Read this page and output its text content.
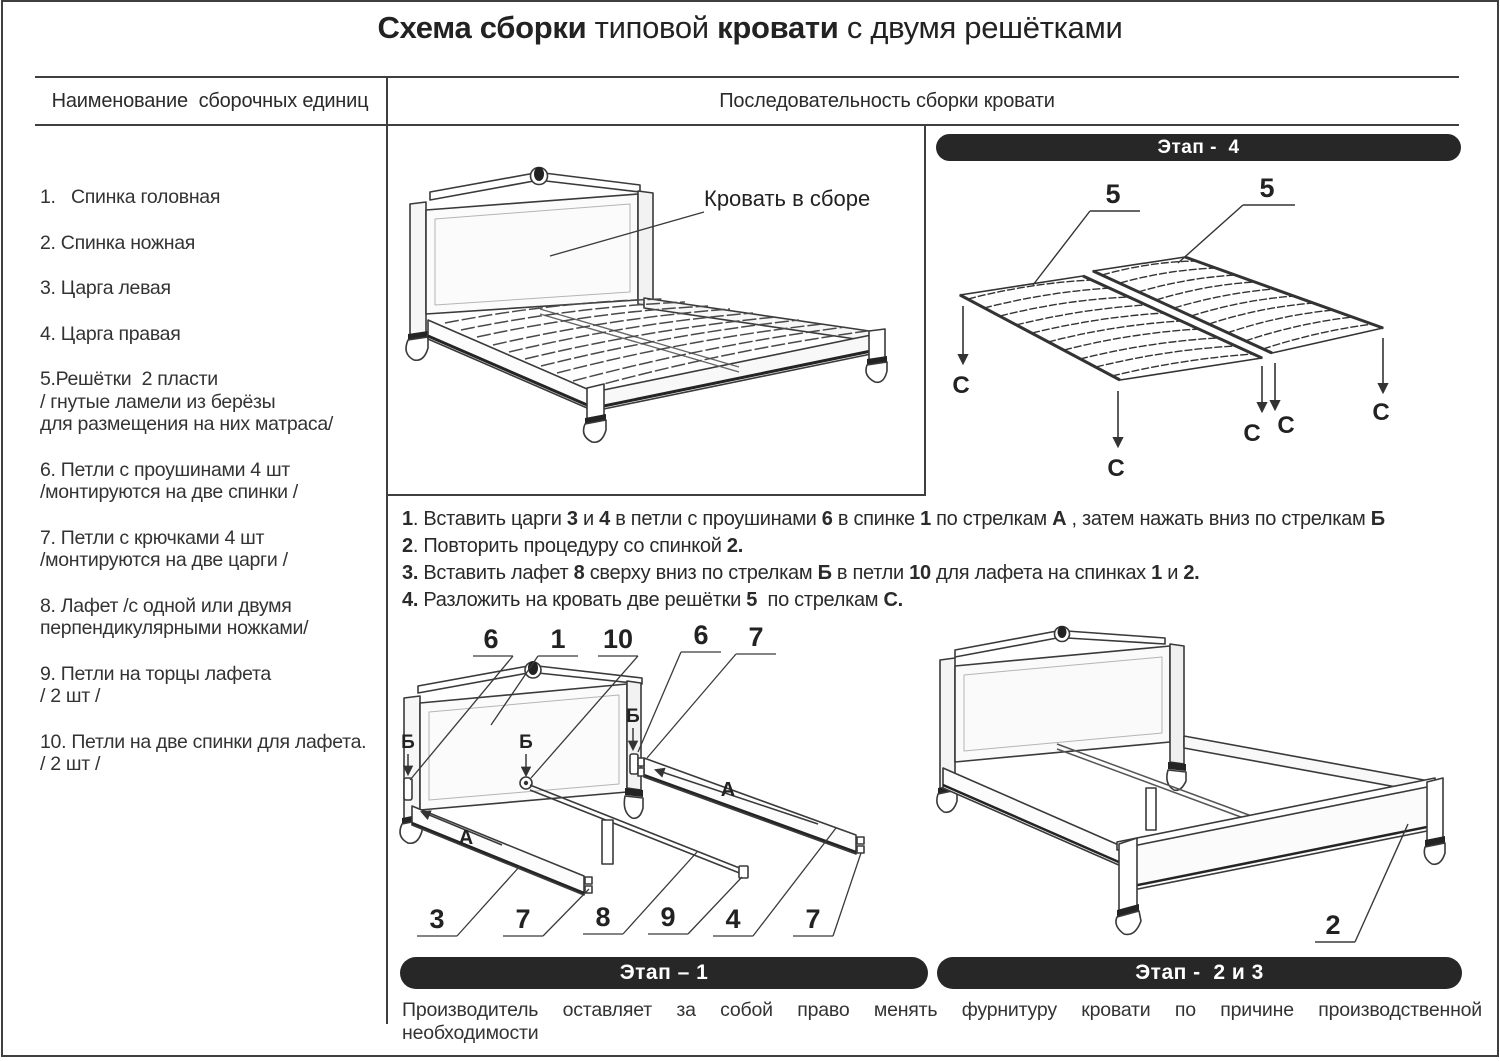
Схема сборки типовой кровати с двумя решётками
Наименование  сборочных единиц	Последовательность сборки кровати
1.   Спинка головная
2. Спинка ножная
3. Царга левая
4. Царга правая
5.Решётки  2 пласти
/ гнутые ламели из берёзы
для размещения на них матраса/
6. Петли с проушинами 4 шт
/монтируются на две спинки /
7. Петли с крючками 4 шт
/монтируются на две царги /
8. Лафет /с одной или двумя
перпендикулярными ножками/
9. Петли на торцы лафета
/ 2 шт /
10. Петли на две спинки для лафета.
/ 2 шт /
Кровать в сборе
Этап -  4
5	5
С
С
С С	С
1. Вставить царги 3 и 4 в петли с проушинами 6 в спинке 1 по стрелкам А , затем нажать вниз по стрелкам Б
2. Повторить процедуру со спинкой 2.
3. Вставить лафет 8 сверху вниз по стрелкам Б в петли 10 для лафета на спинках 1 и 2.
4. Разложить на кровать две решётки 5  по стрелкам С.
6 1 10 6 7
3	7 8 9 4 7
Б	Б
Б
А
А
2
Этап – 1	Этап -  2 и 3
Производитель оставляет за собой право менять фурнитуру кровати по причине производственной необходимости
